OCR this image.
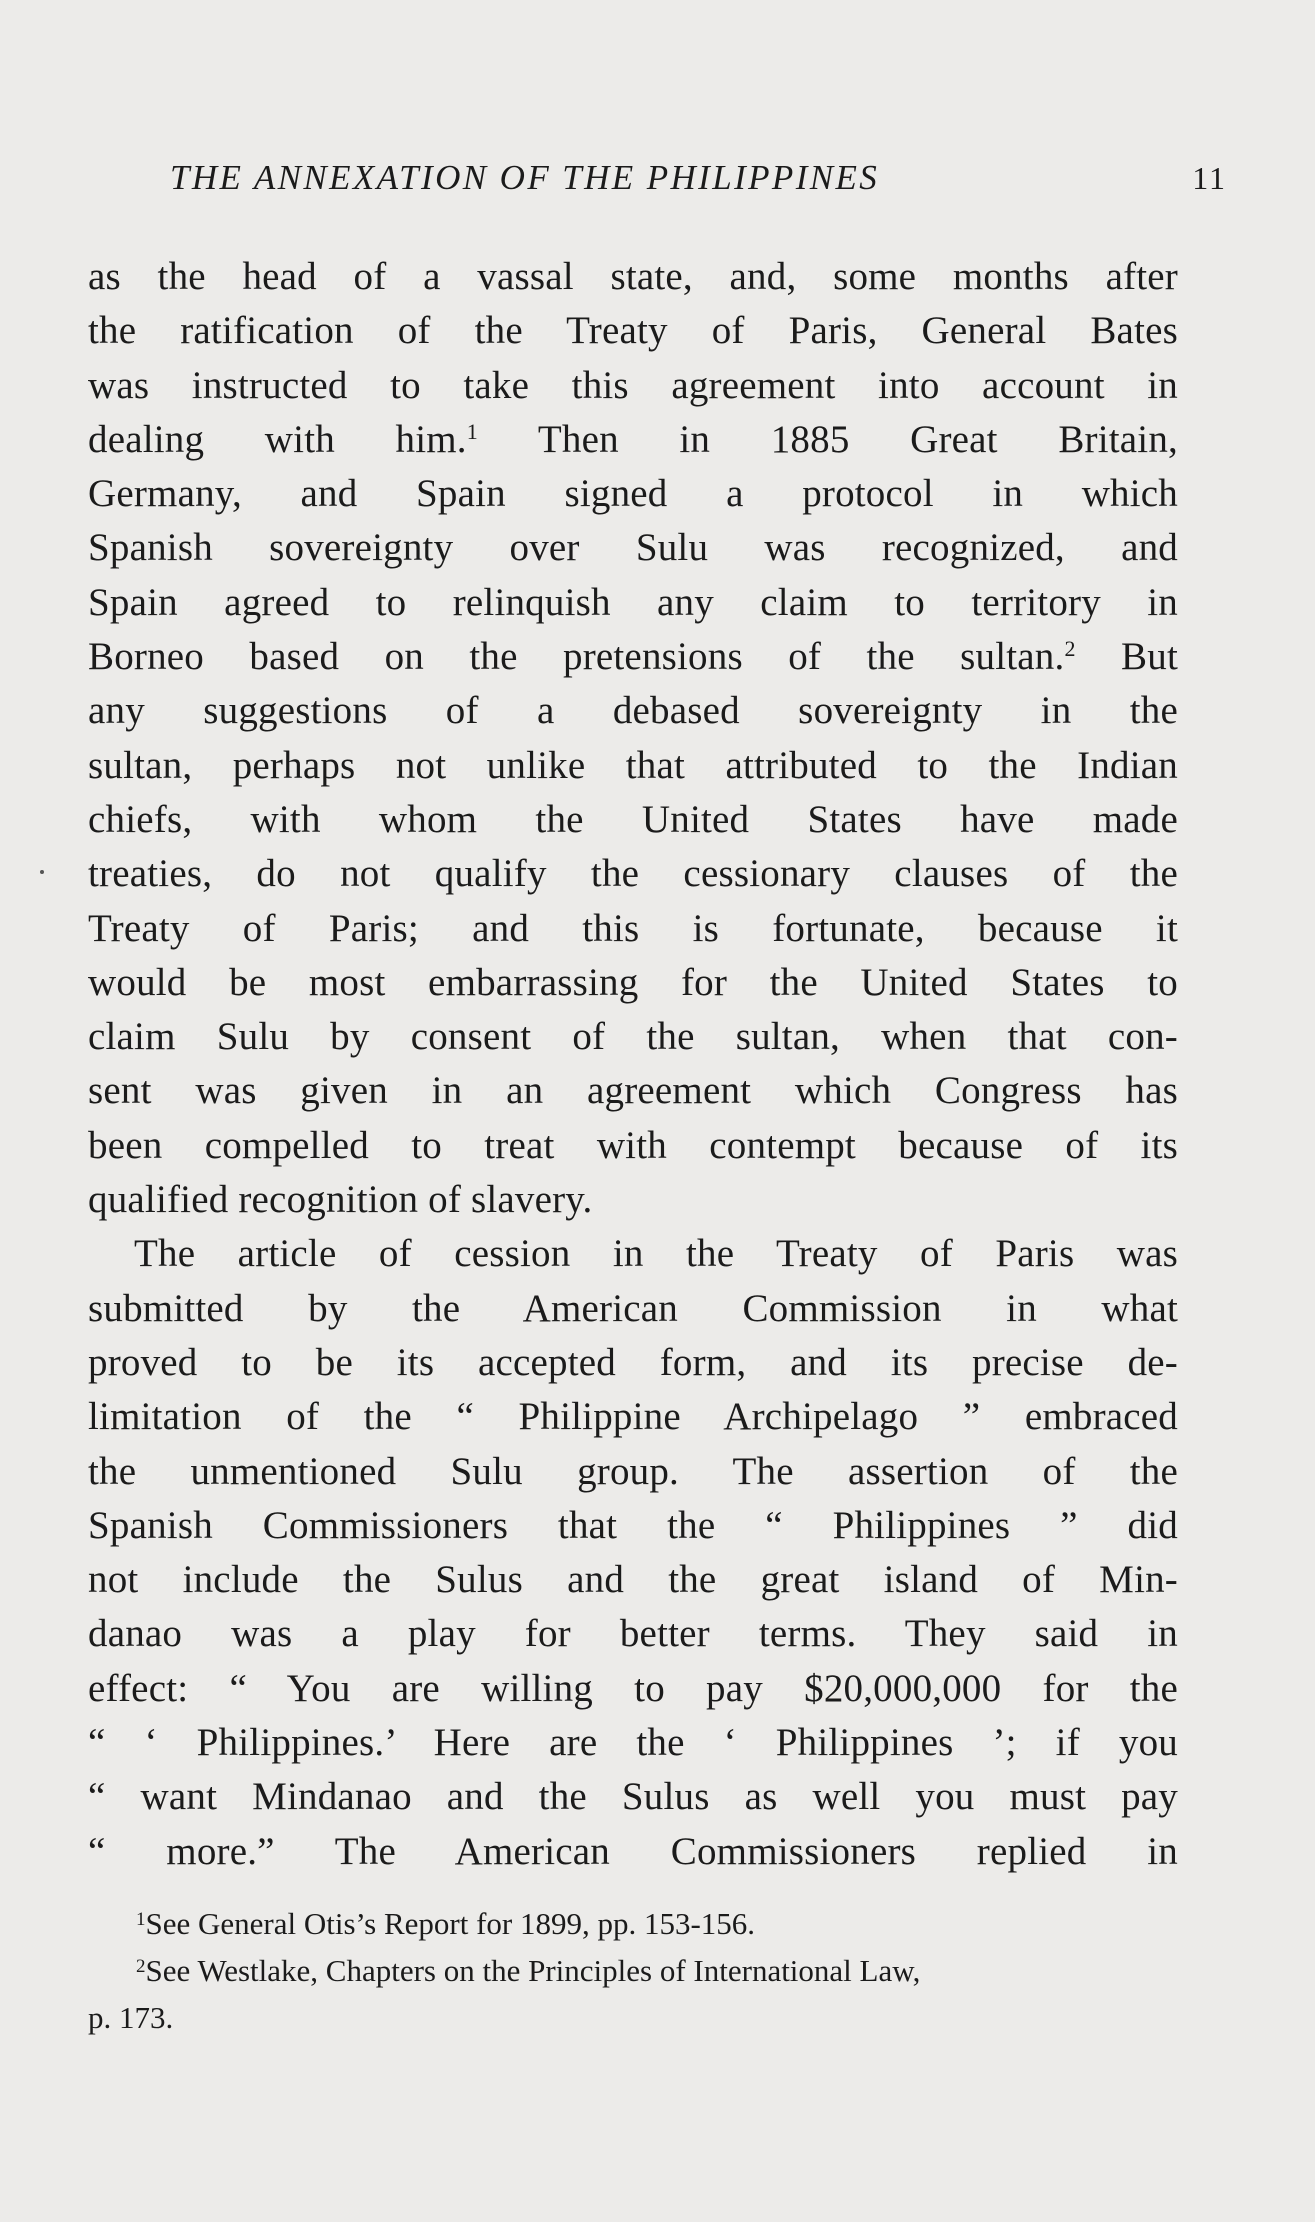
THE ANNEXATION OF THE PHILIPPINES	11
as the head of a vassal state, and, some months after
the ratification of the Treaty of Paris, General Bates
was instructed to take this agreement into account in
dealing with him.$^1$ Then in 1885 Great Britain,
Germany, and Spain signed a protocol in which
Spanish sovereignty over Sulu was recognized, and
Spain agreed to relinquish any claim to territory in
Borneo based on the pretensions of the sultan.$^2$ But
any suggestions of a debased sovereignty in the
sultan, perhaps not unlike that attributed to the Indian
chiefs, with whom the United States have made
treaties, do not qualify the cessionary clauses of the
Treaty of Paris; and this is fortunate, because it
would be most embarrassing for the United States to
claim Sulu by consent of the sultan, when that con-
sent was given in an agreement which Congress has
been compelled to treat with contempt because of its
qualified recognition of slavery.
The article of cession in the Treaty of Paris was
submitted by the American Commission in what
proved to be its accepted form, and its precise de-
limitation of the “ Philippine Archipelago ” embraced
the unmentioned Sulu group. The assertion of the
Spanish Commissioners that the “ Philippines ” did
not include the Sulus and the great island of Min-
danao was a play for better terms. They said in
effect: “ You are willing to pay $20,000,000 for the
“ ‘ Philippines.’ Here are the ‘ Philippines ’; if you
“ want Mindanao and the Sulus as well you must pay
“ more.” The American Commissioners replied in
$^1$See General Otis’s Report for 1899, pp. 153-156.
$^2$See Westlake, Chapters on the Principles of International Law,
p. 173.
